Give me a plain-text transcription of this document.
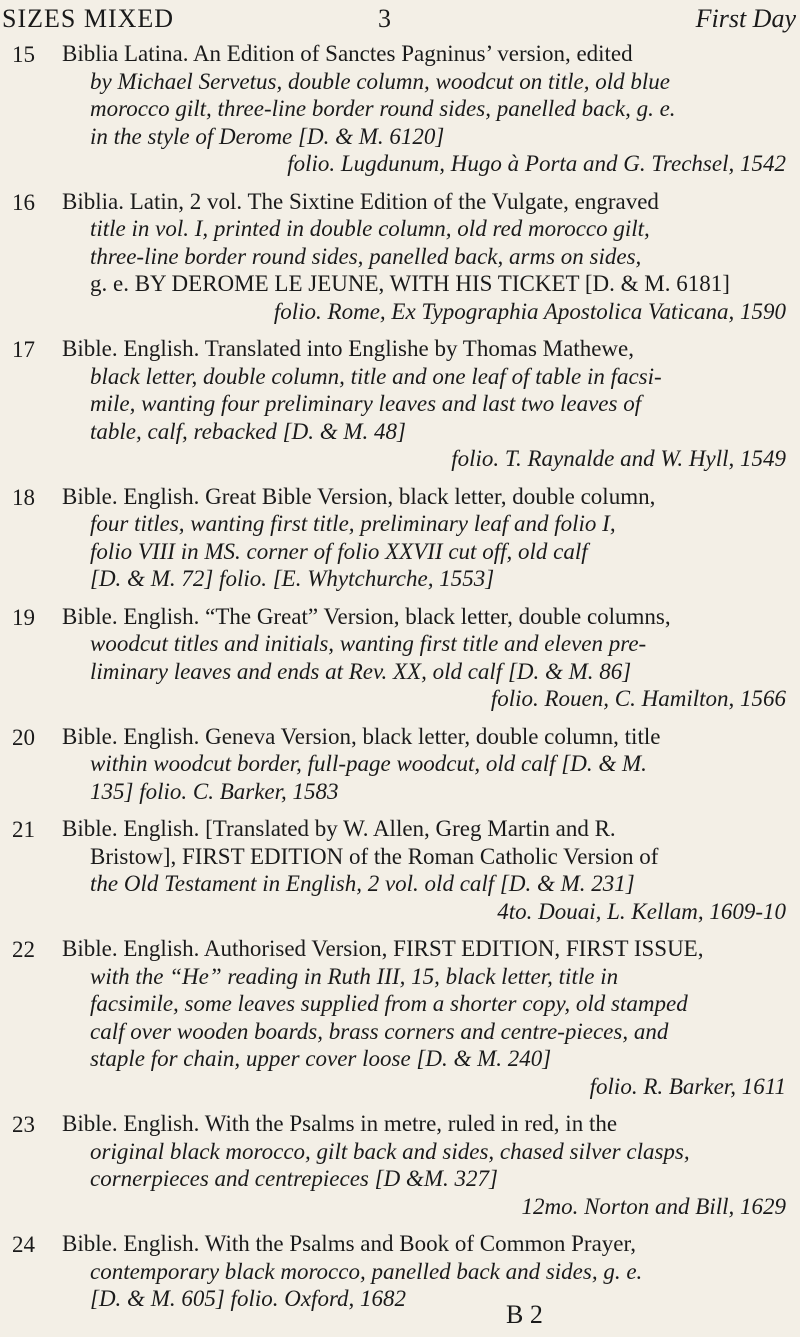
SIZES MIXED	3	First Day
15 Biblia Latina. An Edition of Sanctes Pagninus’ version, edited
by Michael Servetus, double column, woodcut on title, old blue
morocco gilt, three-line border round sides, panelled back, g. e.
in the style of Derome [D. & M. 6120]
folio. Lugdunum, Hugo à Porta and G. Trechsel, 1542
16 Biblia. Latin, 2 vol. The Sixtine Edition of the Vulgate, engraved
title in vol. I, printed in double column, old red morocco gilt,
three-line border round sides, panelled back, arms on sides,
g. e. BY DEROME LE JEUNE, WITH HIS TICKET [D. & M. 6181]
folio. Rome, Ex Typographia Apostolica Vaticana, 1590
17 Bible. English. Translated into Englishe by Thomas Mathewe,
black letter, double column, title and one leaf of table in facsi-
mile, wanting four preliminary leaves and last two leaves of
table, calf, rebacked [D. & M. 48]
folio. T. Raynalde and W. Hyll, 1549
18 Bible. English. Great Bible Version, black letter, double column,
four titles, wanting first title, preliminary leaf and folio I,
folio VIII in MS. corner of folio XXVII cut off, old calf
[D. & M. 72] folio. [E. Whytchurche, 1553]
19 Bible. English. “The Great” Version, black letter, double columns,
woodcut titles and initials, wanting first title and eleven pre-
liminary leaves and ends at Rev. XX, old calf [D. & M. 86]
folio. Rouen, C. Hamilton, 1566
20 Bible. English. Geneva Version, black letter, double column, title
within woodcut border, full-page woodcut, old calf [D. & M.
135] folio. C. Barker, 1583
21 Bible. English. [Translated by W. Allen, Greg Martin and R.
Bristow], FIRST EDITION of the Roman Catholic Version of
the Old Testament in English, 2 vol. old calf [D. & M. 231]
4to. Douai, L. Kellam, 1609-10
22 Bible. English. Authorised Version, FIRST EDITION, FIRST ISSUE,
with the “He” reading in Ruth III, 15, black letter, title in
facsimile, some leaves supplied from a shorter copy, old stamped
calf over wooden boards, brass corners and centre-pieces, and
staple for chain, upper cover loose [D. & M. 240]
folio. R. Barker, 1611
23 Bible. English. With the Psalms in metre, ruled in red, in the
original black morocco, gilt back and sides, chased silver clasps,
cornerpieces and centrepieces [D &M. 327]
12mo. Norton and Bill, 1629
24 Bible. English. With the Psalms and Book of Common Prayer,
contemporary black morocco, panelled back and sides, g. e.
[D. & M. 605] folio. Oxford, 1682
B 2
